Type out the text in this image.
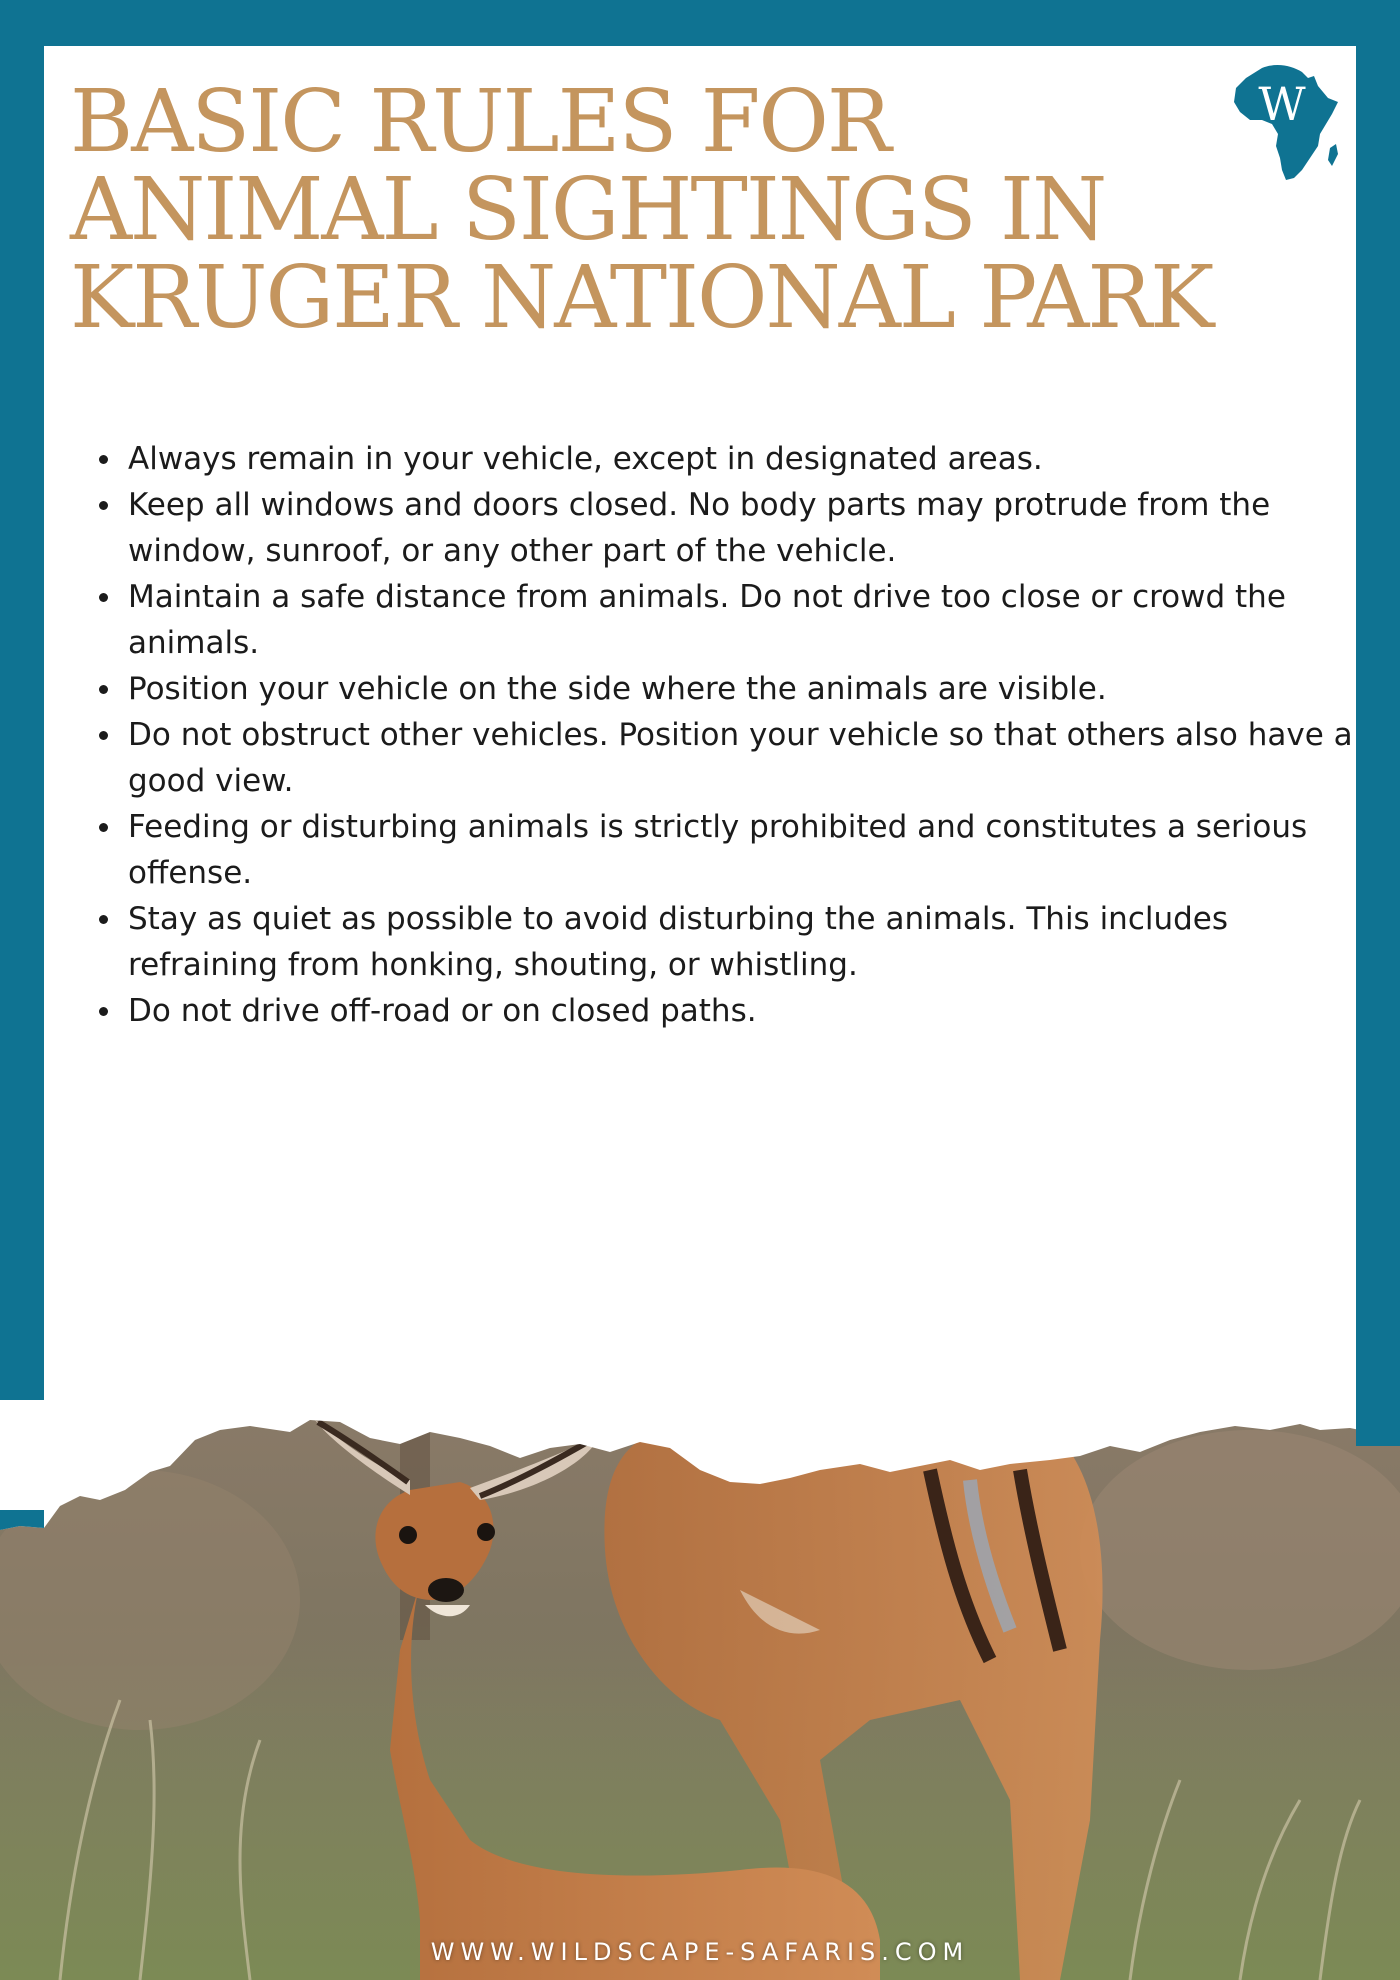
W
BASIC RULES FOR ANIMAL SIGHTINGS IN KRUGER NATIONAL PARK
Always remain in your vehicle, except in designated areas.
Keep all windows and doors closed. No body parts may protrude from the window, sunroof, or any other part of the vehicle.
Maintain a safe distance from animals. Do not drive too close or crowd the animals.
Position your vehicle on the side where the animals are visible.
Do not obstruct other vehicles. Position your vehicle so that others also have a good view.
Feeding or disturbing animals is strictly prohibited and constitutes a serious offense.
Stay as quiet as possible to avoid disturbing the animals. This includes refraining from honking, shouting, or whistling.
Do not drive off-road or on closed paths.
WWW.WILDSCAPE-SAFARIS.COM
